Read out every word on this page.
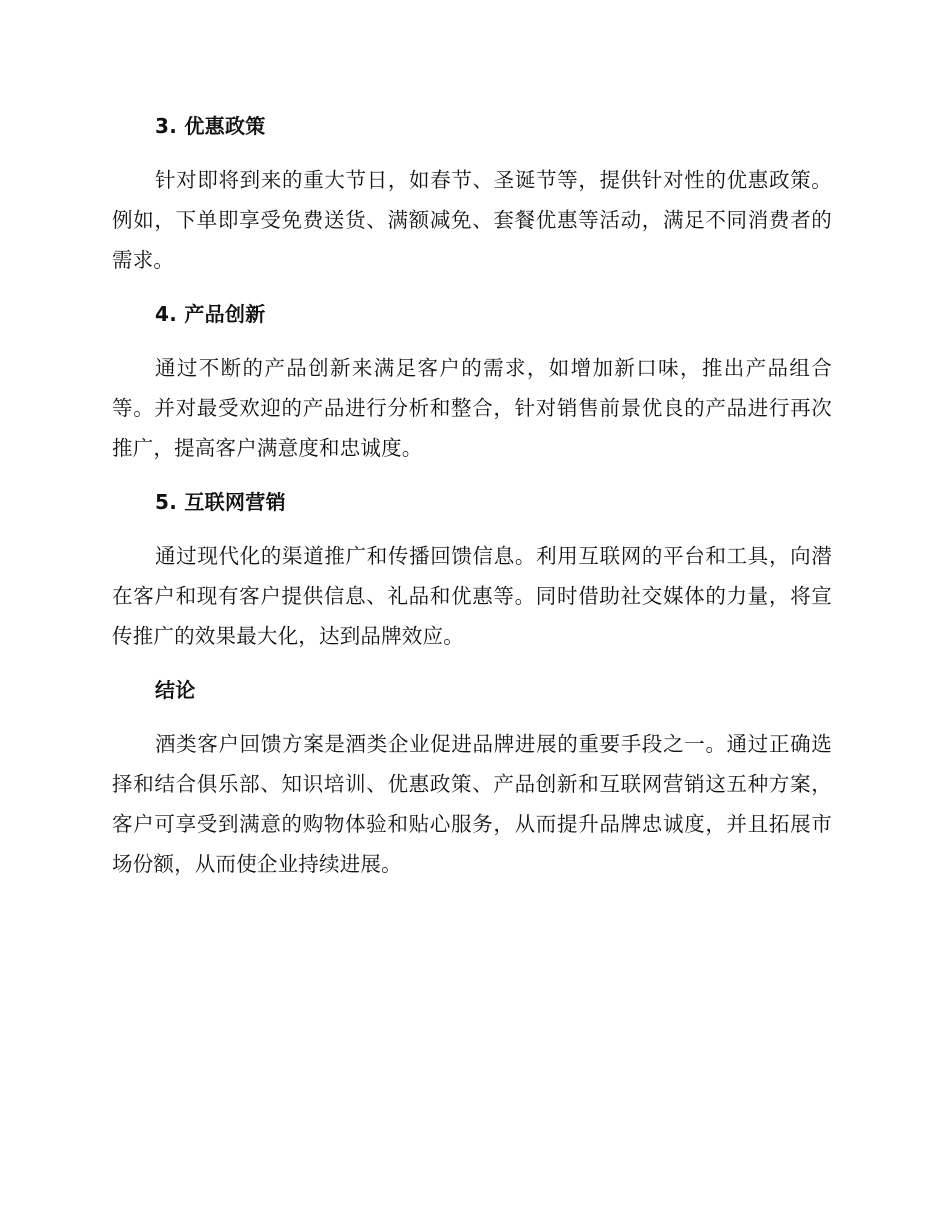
3. 优惠政策

针对即将到来的重大节日，如春节、圣诞节等，提供针对性的优惠政策。例如，下单即享受免费送货、满额减免、套餐优惠等活动，满足不同消费者的需求。

4. 产品创新

通过不断的产品创新来满足客户的需求，如增加新口味，推出产品组合等。并对最受欢迎的产品进行分析和整合，针对销售前景优良的产品进行再次推广，提高客户满意度和忠诚度。

5. 互联网营销

通过现代化的渠道推广和传播回馈信息。利用互联网的平台和工具，向潜在客户和现有客户提供信息、礼品和优惠等。同时借助社交媒体的力量，将宣传推广的效果最大化，达到品牌效应。

结论

酒类客户回馈方案是酒类企业促进品牌进展的重要手段之一。通过正确选择和结合俱乐部、知识培训、优惠政策、产品创新和互联网营销这五种方案，客户可享受到满意的购物体验和贴心服务，从而提升品牌忠诚度，并且拓展市场份额，从而使企业持续进展。
